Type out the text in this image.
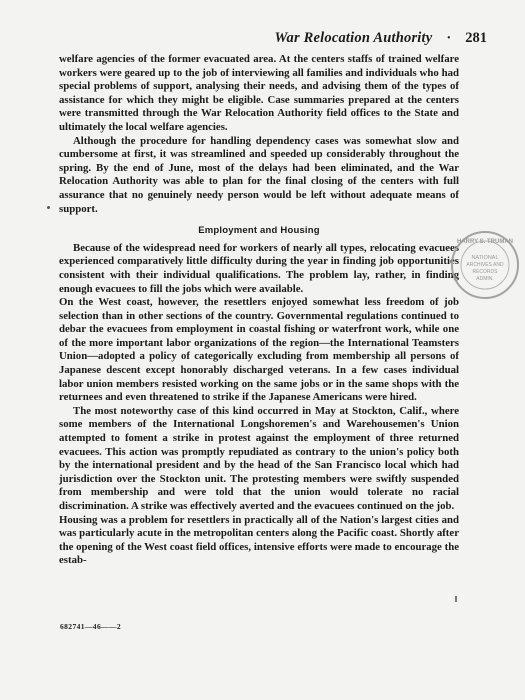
War Relocation Authority · 281

welfare agencies of the former evacuated area. At the centers staffs of trained welfare workers were geared up to the job of interviewing all families and individuals who had special problems of support, analysing their needs, and advising them of the types of assistance for which they might be eligible. Case summaries prepared at the centers were transmitted through the War Relocation Authority field offices to the State and ultimately the local welfare agencies.

Although the procedure for handling dependency cases was somewhat slow and cumbersome at first, it was streamlined and speeded up considerably throughout the spring. By the end of June, most of the delays had been eliminated, and the War Relocation Authority was able to plan for the final closing of the centers with full assurance that no genuinely needy person would be left without adequate means of support.

Employment and Housing

Because of the widespread need for workers of nearly all types, relocating evacuees experienced comparatively little difficulty during the year in finding job opportunities consistent with their individual qualifications. The problem lay, rather, in finding enough evacuees to fill the jobs which were available.

On the West coast, however, the resettlers enjoyed somewhat less freedom of job selection than in other sections of the country. Governmental regulations continued to debar the evacuees from employment in coastal fishing or waterfront work, while one of the more important labor organizations of the region—the International Teamsters Union—adopted a policy of categorically excluding from membership all persons of Japanese descent except honorably discharged veterans. In a few cases individual labor union members resisted working on the same jobs or in the same shops with the returnees and even threatened to strike if the Japanese Americans were hired.

The most noteworthy case of this kind occurred in May at Stockton, Calif., where some members of the International Longshoremen's and Warehousemen's Union attempted to foment a strike in protest against the employment of three returned evacuees. This action was promptly repudiated as contrary to the union's policy both by the international president and by the head of the San Francisco local which had jurisdiction over the Stockton unit. The protesting members were swiftly suspended from membership and were told that the union would tolerate no racial discrimination. A strike was effectively averted and the evacuees continued on the job.

Housing was a problem for resettlers in practically all of the Nation's largest cities and was particularly acute in the metropolitan centers along the Pacific coast. Shortly after the opening of the West coast field offices, intensive efforts were made to encourage the estab-

682741—46——2
HARRY S. TRUMAN
NATIONAL
ARCHIVES AND
RECORDS
ADMIN.
